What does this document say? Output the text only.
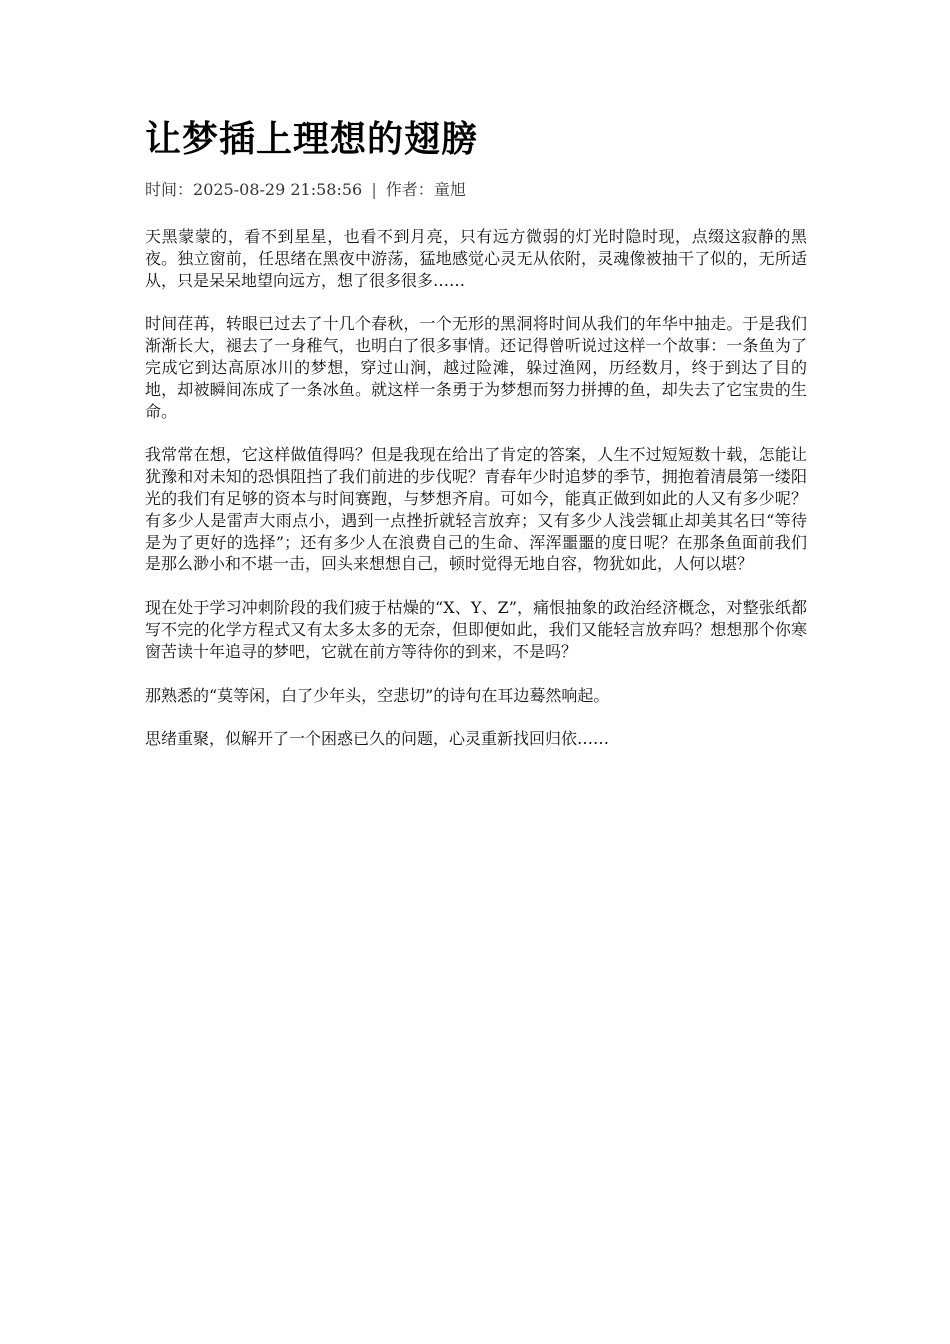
让梦插上理想的翅膀
时间：2025-08-29 21:58:56 | 作者：童旭

天黑蒙蒙的，看不到星星，也看不到月亮，只有远方微弱的灯光时隐时现，点缀这寂静的黑夜。独立窗前，任思绪在黑夜中游荡，猛地感觉心灵无从依附，灵魂像被抽干了似的，无所适从，只是呆呆地望向远方，想了很多很多……

时间荏苒，转眼已过去了十几个春秋，一个无形的黑洞将时间从我们的年华中抽走。于是我们渐渐长大，褪去了一身稚气，也明白了很多事情。还记得曾听说过这样一个故事：一条鱼为了完成它到达高原冰川的梦想，穿过山涧，越过险滩，躲过渔网，历经数月，终于到达了目的地，却被瞬间冻成了一条冰鱼。就这样一条勇于为梦想而努力拼搏的鱼，却失去了它宝贵的生命。

我常常在想，它这样做值得吗？但是我现在给出了肯定的答案，人生不过短短数十载，怎能让犹豫和对未知的恐惧阻挡了我们前进的步伐呢？青春年少时追梦的季节，拥抱着清晨第一缕阳光的我们有足够的资本与时间赛跑，与梦想齐肩。可如今，能真正做到如此的人又有多少呢？有多少人是雷声大雨点小，遇到一点挫折就轻言放弃；又有多少人浅尝辄止却美其名曰“等待是为了更好的选择”；还有多少人在浪费自己的生命、浑浑噩噩的度日呢？在那条鱼面前我们是那么渺小和不堪一击，回头来想想自己，顿时觉得无地自容，物犹如此，人何以堪？

现在处于学习冲刺阶段的我们疲于枯燥的“X、Y、Z”，痛恨抽象的政治经济概念，对整张纸都写不完的化学方程式又有太多太多的无奈，但即便如此，我们又能轻言放弃吗？想想那个你寒窗苦读十年追寻的梦吧，它就在前方等待你的到来，不是吗？

那熟悉的“莫等闲，白了少年头，空悲切”的诗句在耳边蓦然响起。

思绪重聚，似解开了一个困惑已久的问题，心灵重新找回归依……
